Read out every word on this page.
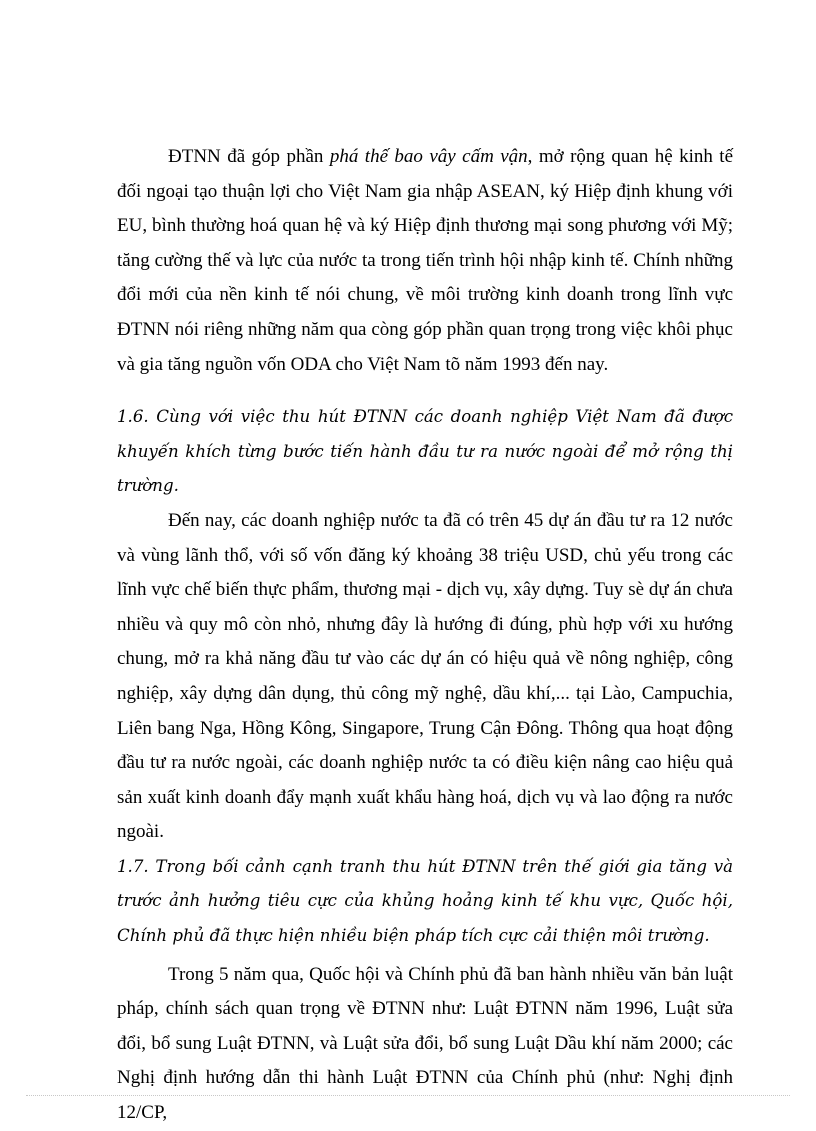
ĐTNN đã góp phần phá thế bao vây cấm vận, mở rộng quan hệ kinh tế đối ngoại tạo thuận lợi cho Việt Nam gia nhập ASEAN, ký Hiệp định khung với EU, bình thường hoá quan hệ và ký Hiệp định thương mại song phương với Mỹ; tăng cường thế và lực của nước ta trong tiến trình hội nhập kinh tế. Chính những đổi mới của nền kinh tế nói chung, về môi trường kinh doanh trong lĩnh vực ĐTNN nói riêng những năm qua còng góp phần quan trọng trong việc khôi phục và gia tăng nguồn vốn ODA cho Việt Nam tõ năm 1993 đến nay.

1.6. Cùng với việc thu hút ĐTNN các doanh nghiệp Việt Nam đã được khuyến khích từng bước tiến hành đầu tư ra nước ngoài để mở rộng thị trường.

Đến nay, các doanh nghiệp nước ta đã có trên 45 dự án đầu tư ra 12 nước và vùng lãnh thổ, với số vốn đăng ký khoảng 38 triệu USD, chủ yếu trong các lĩnh vực chế biến thực phẩm, thương mại - dịch vụ, xây dựng. Tuy sè dự án chưa nhiều và quy mô còn nhỏ, nhưng đây là hướng đi đúng, phù hợp với xu hướng chung, mở ra khả năng đầu tư vào các dự án có hiệu quả về nông nghiệp, công nghiệp, xây dựng dân dụng, thủ công mỹ nghệ, dầu khí,... tại Lào, Campuchia, Liên bang Nga, Hồng Kông, Singapore, Trung Cận Đông. Thông qua hoạt động đầu tư ra nước ngoài, các doanh nghiệp nước ta có điều kiện nâng cao hiệu quả sản xuất kinh doanh đẩy mạnh xuất khẩu hàng hoá, dịch vụ và lao động ra nước ngoài.

1.7. Trong bối cảnh cạnh tranh thu hút ĐTNN trên thế giới gia tăng và trước ảnh hưởng tiêu cực của khủng hoảng kinh tế khu vực, Quốc hội, Chính phủ đã thực hiện nhiều biện pháp tích cực cải thiện môi trường.

Trong 5 năm qua, Quốc hội và Chính phủ đã ban hành nhiều văn bản luật pháp, chính sách quan trọng về ĐTNN như: Luật ĐTNN năm 1996, Luật sửa đổi, bổ sung Luật ĐTNN, và Luật sửa đổi, bổ sung Luật Dầu khí năm 2000; các Nghị định hướng dẫn thi hành Luật ĐTNN của Chính phủ (như: Nghị định 12/CP,
